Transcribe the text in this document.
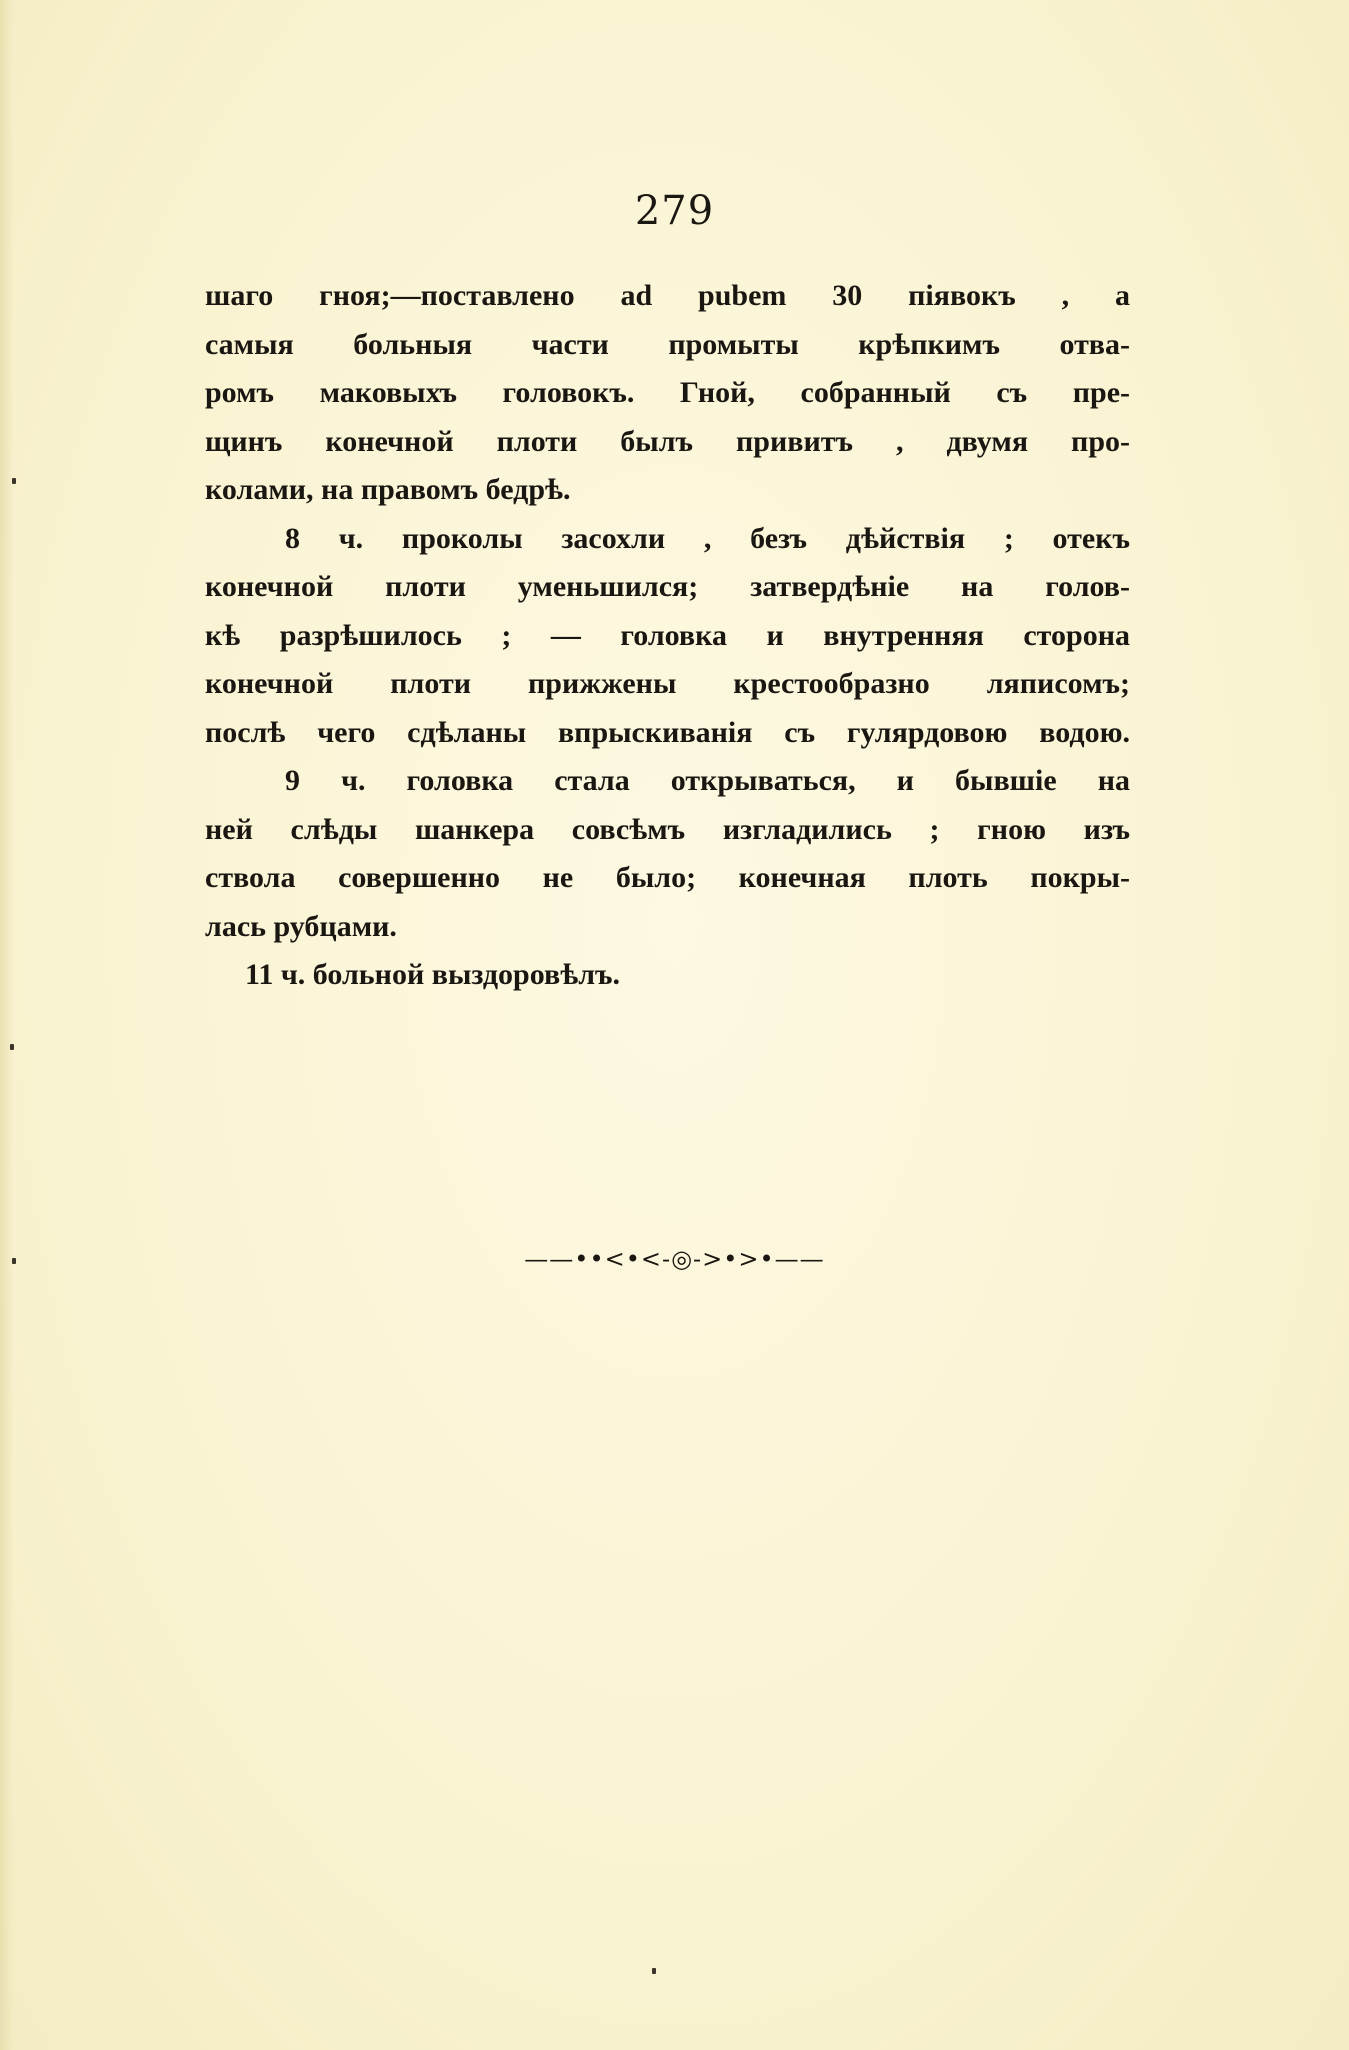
279
шаго гноя;—поставлено ad pubem 30 піявокъ , а
самыя больныя части промыты крѣпкимъ отва-
ромъ маковыхъ головокъ. Гной, собранный съ пре-
щинъ конечной плоти былъ привитъ , двумя про-
колами, на правомъ бедрѣ.
8 ч. проколы засохли , безъ дѣйствія ; отекъ
конечной плоти уменьшился; затвердѣніе на голов-
кѣ разрѣшилось ; — головка и внутренняя сторона
конечной плоти прижжены крестообразно ляписомъ;
послѣ чего сдѣланы впрыскиванія съ гулярдовою водою.
9 ч. головка стала открываться, и бывшіе на
ней слѣды шанкера совсѣмъ изгладились ; гною изъ
ствола совершенно не было; конечная плоть покры-
лась рубцами.
11 ч. больной выздоровѣлъ.
——••<•<-◎->•>•——
